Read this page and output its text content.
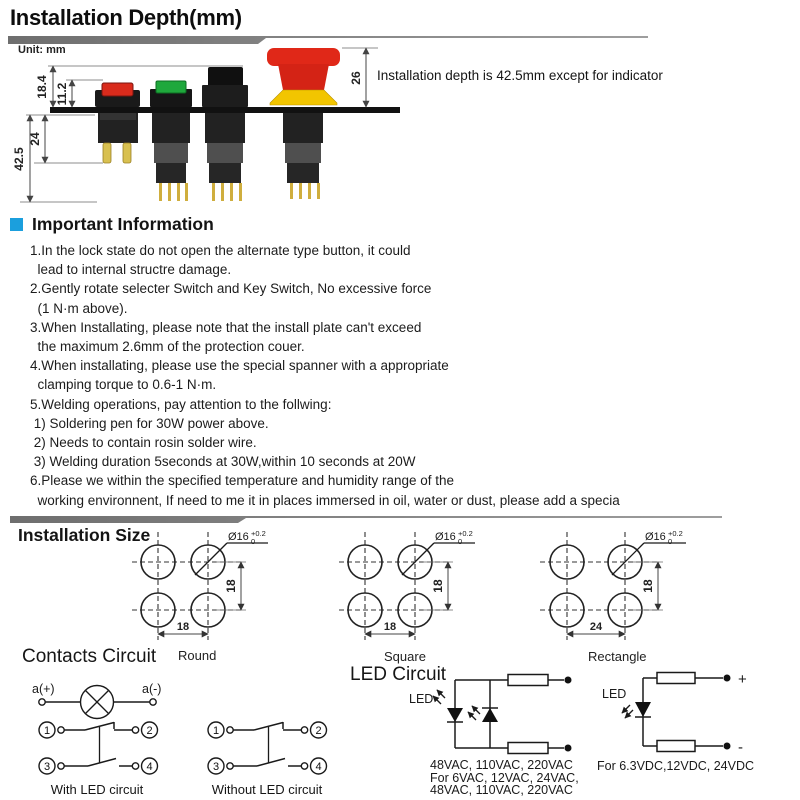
Installation Depth(mm)
Unit: mm
18.4 11.2
24
42.5
26 Installation depth is 42.5mm except for indicator
Important Information
1.In the lock state do not open the alternate type button, it could
lead to internal structre damage.
2.Gently rotate selecter Switch and Key Switch, No excessive force
(1 N·m above).
3.When Installating, please note that the install plate can't exceed
the maximum 2.6mm of the protection couer.
4.When installating, please use the special spanner with a appropriate
clamping torque to 0.6-1 N·m.
5.Welding operations, pay attention to the follwing:
1) Soldering pen for 30W power above.
2) Needs to contain rosin solder wire.
3) Welding duration 5seconds at 30W,within 10 seconds at 20W
6.Please we within the specified temperature and humidity range of the
working environnent, If need to me it in places immersed in oil, water or dust, please add a specia
Installation Size	Ø16 +0.2
0
18
18
Round
Ø16 +0.2
0
18
18
Square
Ø16 +0.2
0
18
24
Rectangle
Contacts Circuit
a(+)	a(-)
1	2
3	4
With LED circuit
1	2
3	4
Without LED circuit
LED Circuit
LED
48VAC, 110VAC, 220VAC
For 6VAC, 12VAC, 24VAC,
48VAC, 110VAC, 220VAC
LED
+
-
For 6.3VDC,12VDC, 24VDC
